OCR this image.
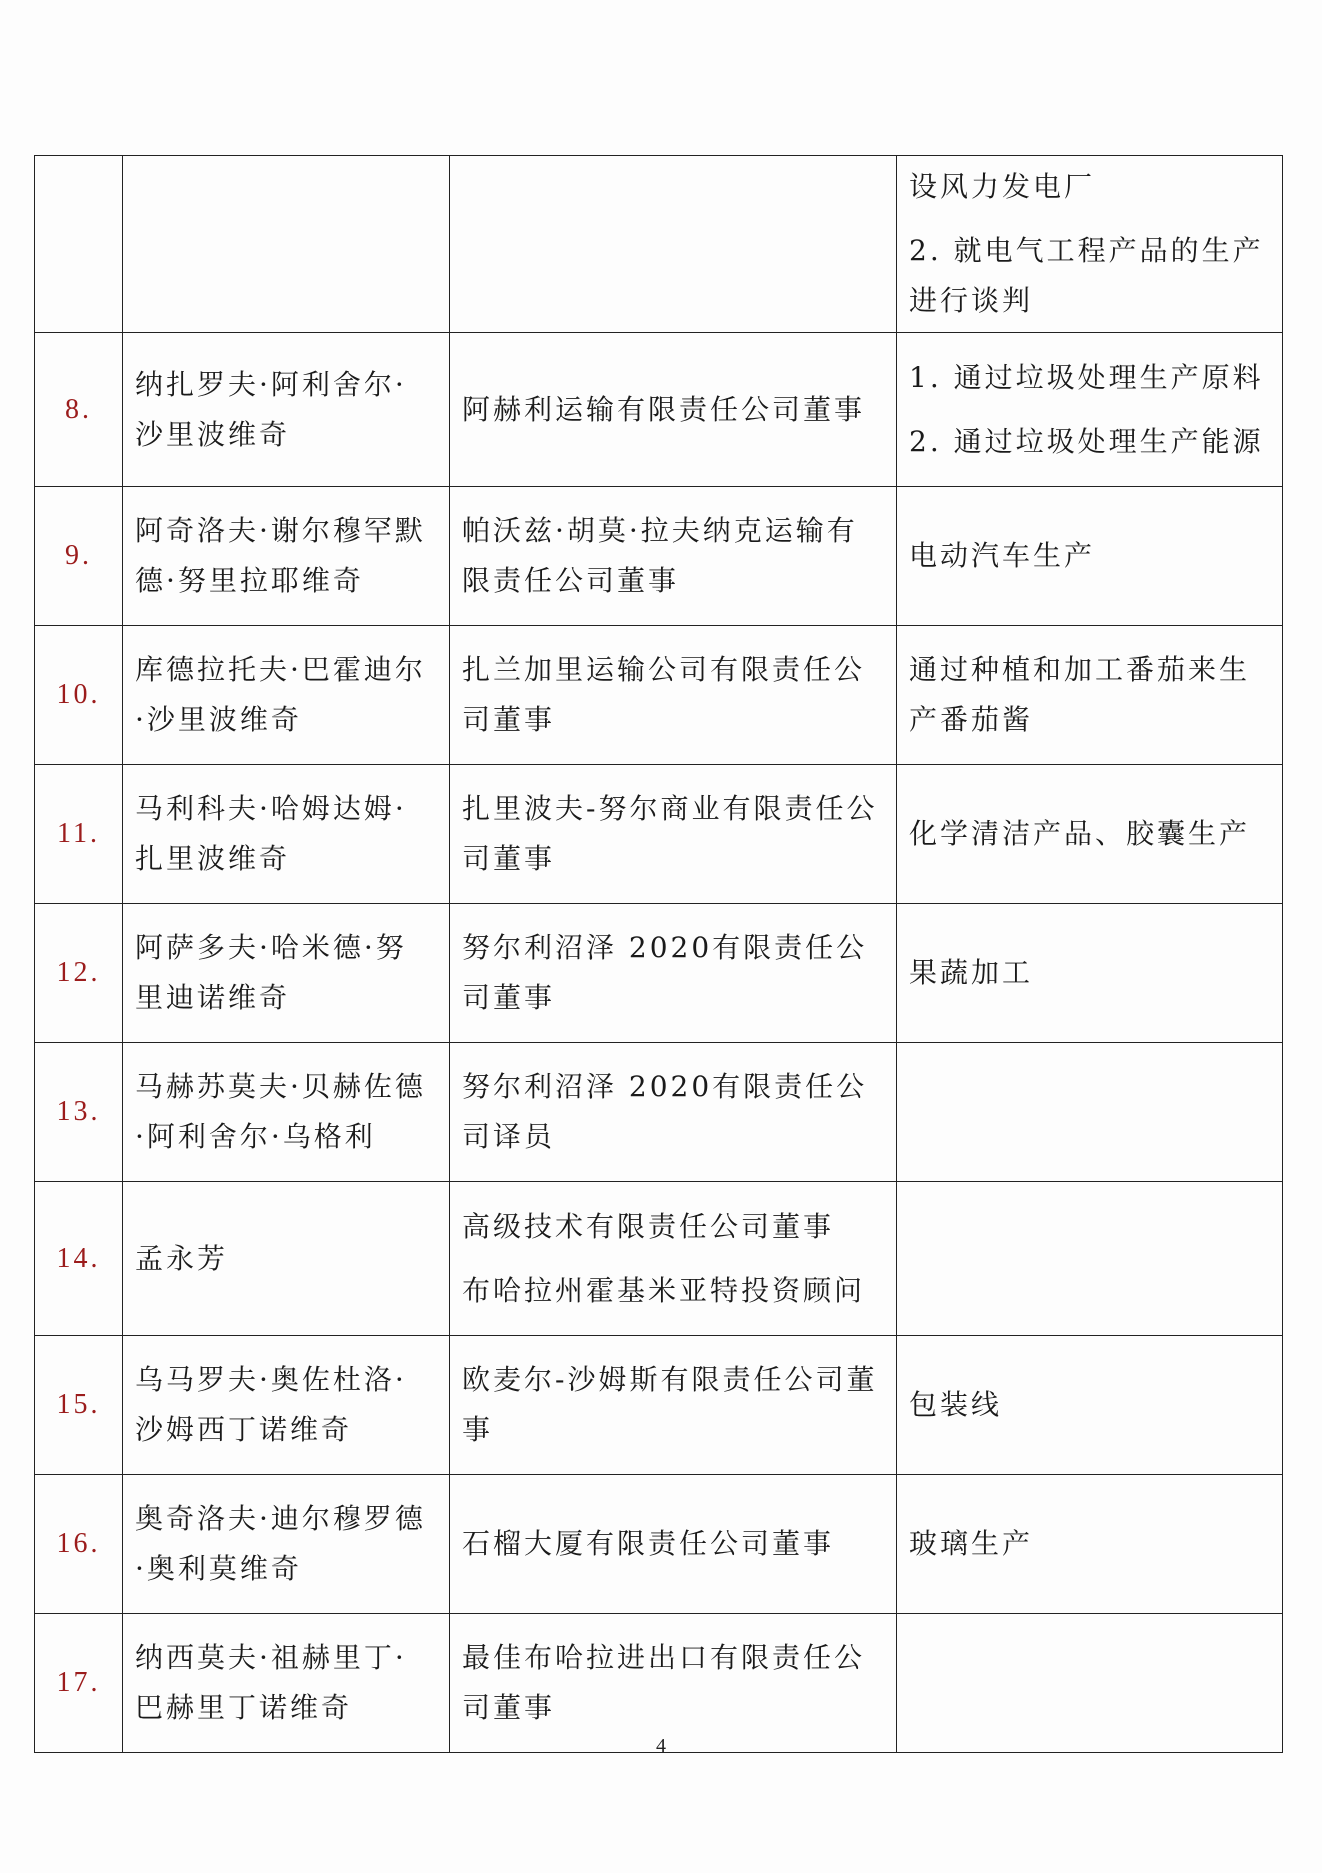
			设风力发电厂
2. 就电气工程产品的生产进行谈判

8.	纳扎罗夫·阿利舍尔·沙里波维奇	阿赫利运输有限责任公司董事	1. 通过垃圾处理生产原料
2. 通过垃圾处理生产能源

9.	阿奇洛夫·谢尔穆罕默德·努里拉耶维奇	帕沃兹·胡莫·拉夫纳克运输有限责任公司董事	电动汽车生产

10.	库德拉托夫·巴霍迪尔·沙里波维奇	扎兰加里运输公司有限责任公司董事	通过种植和加工番茄来生产番茄酱

11.	马利科夫·哈姆达姆·扎里波维奇	扎里波夫-努尔商业有限责任公司董事	化学清洁产品、胶囊生产

12.	阿萨多夫·哈米德·努里迪诺维奇	努尔利沼泽 2020有限责任公司董事	果蔬加工

13.	马赫苏莫夫·贝赫佐德·阿利舍尔·乌格利	努尔利沼泽 2020有限责任公司译员	

14.	孟永芳	高级技术有限责任公司董事
布哈拉州霍基米亚特投资顾问	

15.	乌马罗夫·奥佐杜洛·沙姆西丁诺维奇	欧麦尔-沙姆斯有限责任公司董事	包装线

16.	奥奇洛夫·迪尔穆罗德·奥利莫维奇	石榴大厦有限责任公司董事	玻璃生产

17.	纳西莫夫·祖赫里丁·巴赫里丁诺维奇	最佳布哈拉进出口有限责任公司董事	

4
